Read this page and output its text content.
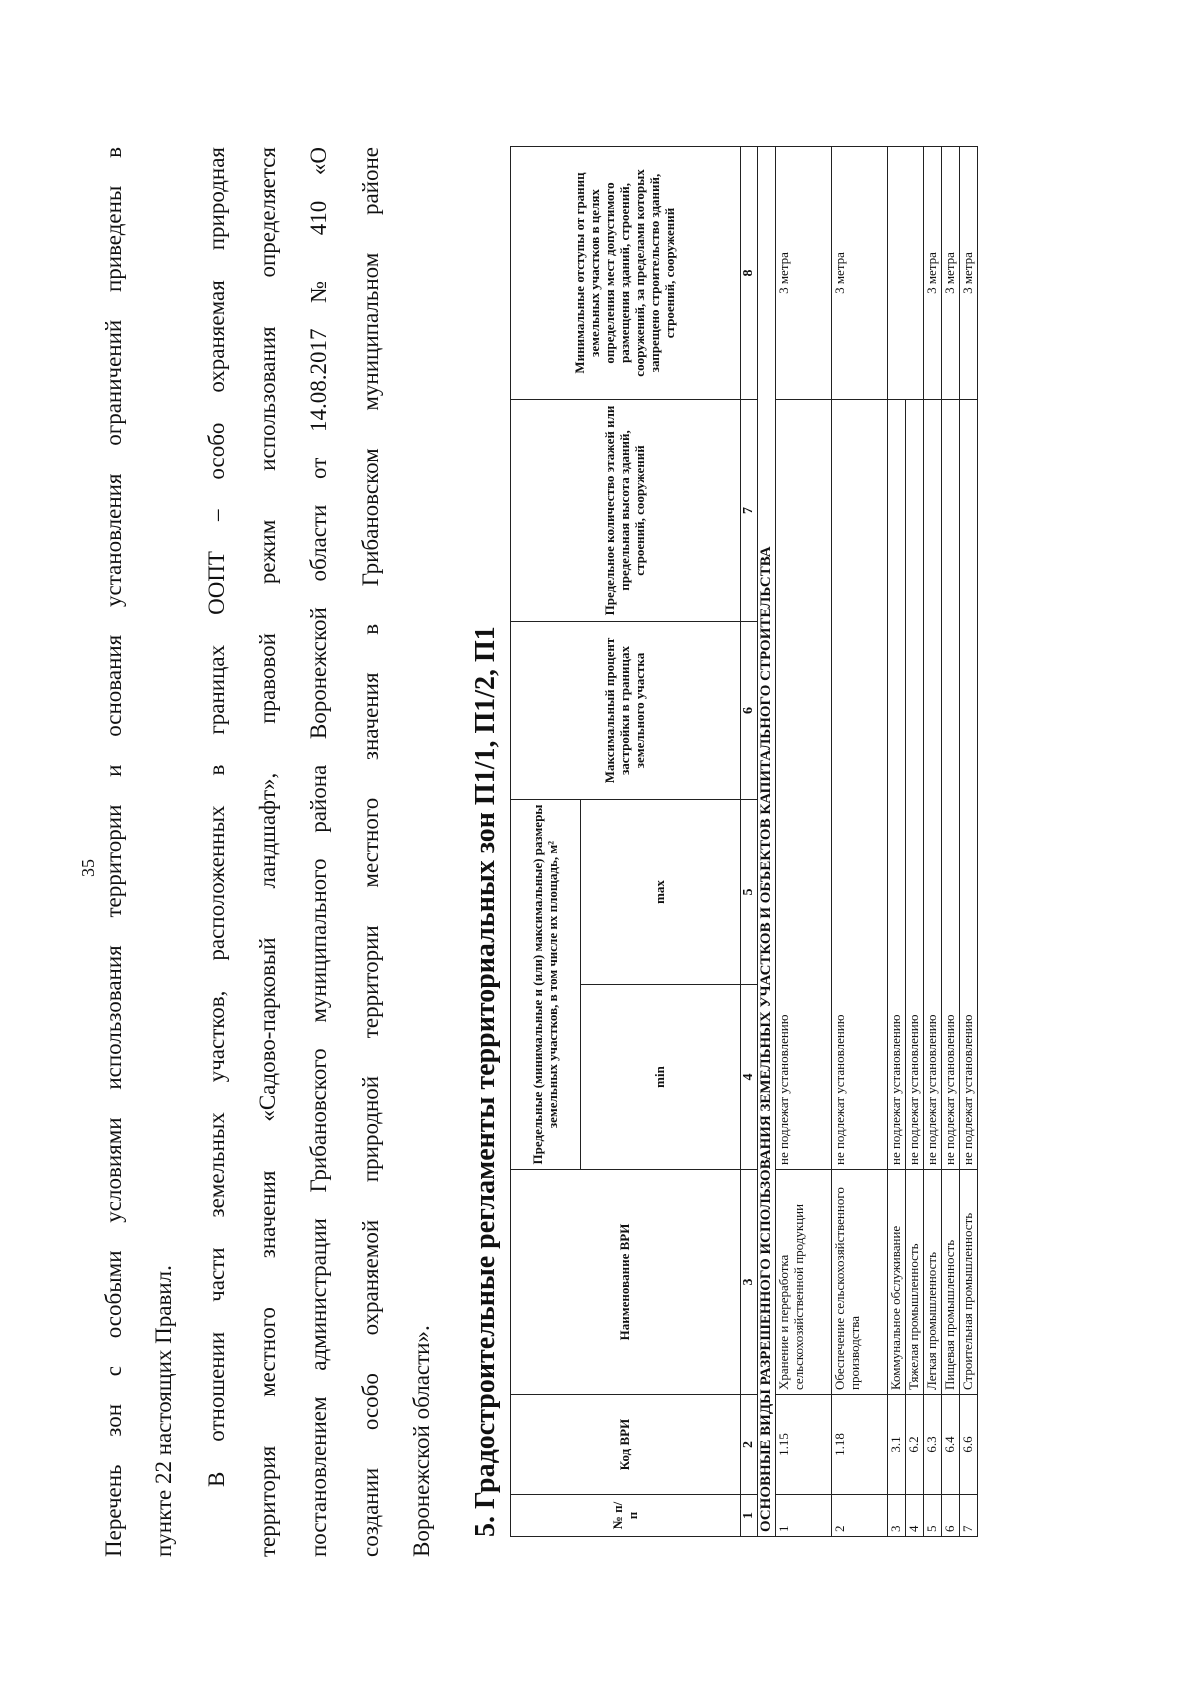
35 Перечень зон с особыми условиями использования территории и основания установления ограничений приведены в пункте 22 настоящих Правил. В отношении части земельных участков, расположенных в границах ООПТ – особо охраняемая природная территория местного значения «Садово-парковый ландшафт», правовой режим использования определяется постановлением администрации Грибановского муниципального района Воронежской области от 14.08.2017 № 410 «О создании особо охраняемой природной территории местного значения в Грибановском муниципальном районе Воронежской области». 5. Градостроительные регламенты территориальных зон П1/1, П1/2, П1	№ п/п	Код ВРИ	Наименование ВРИ	Предельные (минимальные и (или) максимальные) размеры земельных участков, в том числе их площадь, м²		Максимальный процент застройки в границах земельного участка	Предельное количество этажей или предельная высота зданий, строений, сооружений	Минимальные отступы от границ земельных участков в целях определения мест допустимого размещения зданий, строений, сооружений, за пределами которых запрещено строительство зданий, строений, сооружений
			min	max			
1	2	3	4	5	6	7	8
ОСНОВНЫЕ ВИДЫ РАЗРЕШЕННОГО ИСПОЛЬЗОВАНИЯ ЗЕМЕЛЬНЫХ УЧАСТКОВ И ОБЪЕКТОВ КАПИТАЛЬНОГО СТРОИТЕЛЬСТВА							
1	1.15	Хранение и переработка сельскохозяйственной продукции	не подлежат установлению				3 метра
2	1.18	Обеспечение сельскохозяйственного производства	не подлежат установлению				3 метра
3	3.1	Коммунальное обслуживание	не подлежат установлению				
4	6.2	Тяжелая промышленность	не подлежат установлению				
5	6.3	Легкая промышленность	не подлежат установлению				3 метра
6	6.4	Пищевая промышленность	не подлежат установлению				3 метра
7	6.6	Строительная промышленность	не подлежат установлению				3 метра
